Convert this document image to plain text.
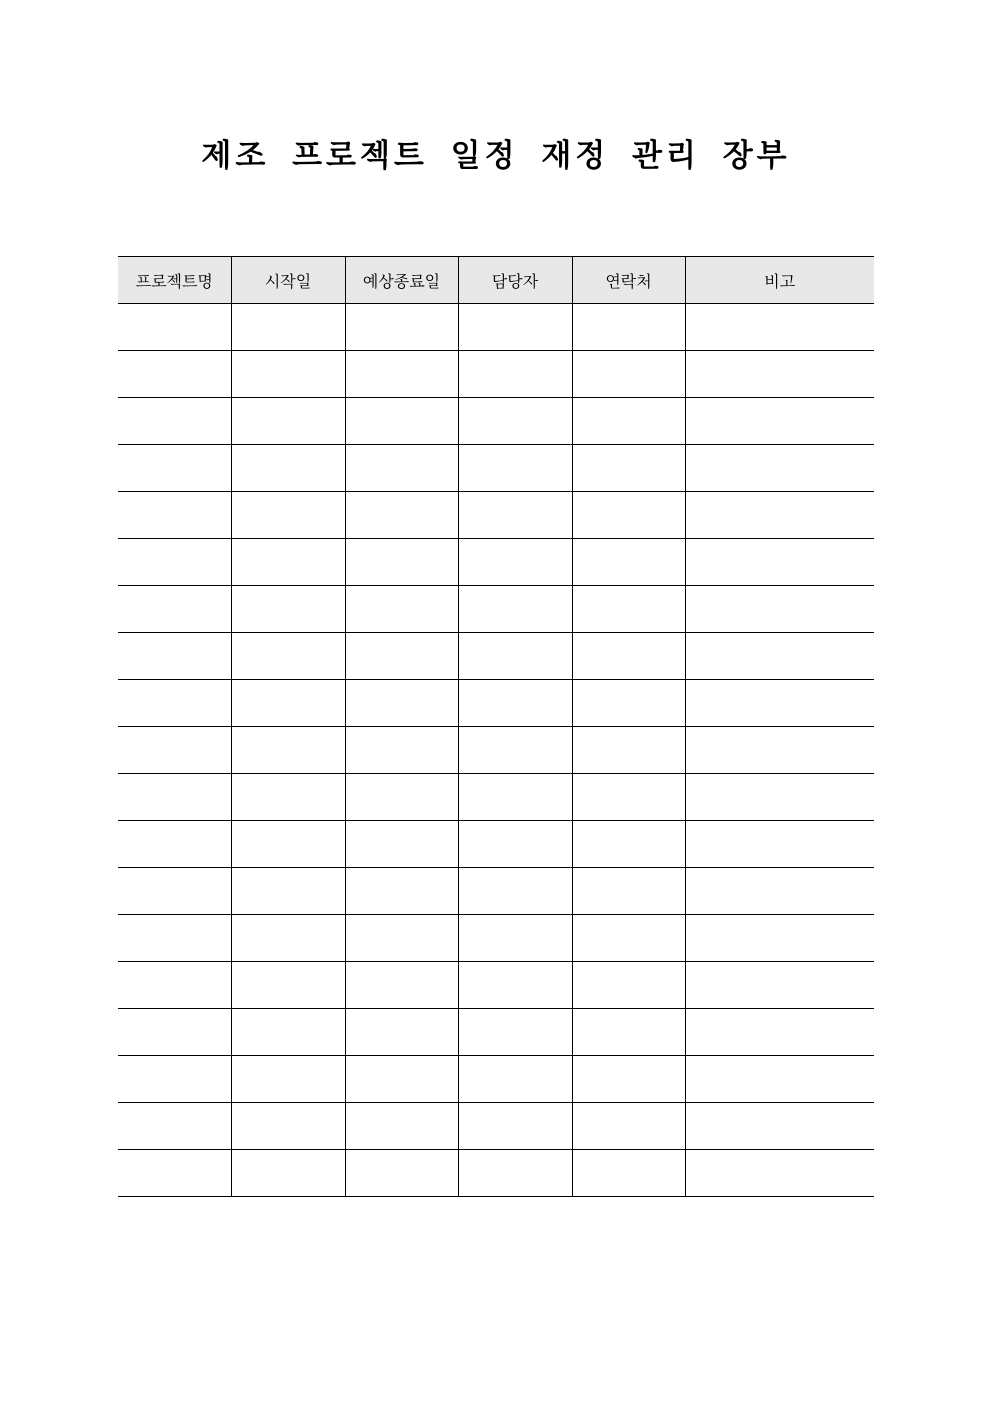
제조 프로젝트 일정 재정 관리 장부
프로젝트명	시작일	예상종료일	담당자	연락처	비고
